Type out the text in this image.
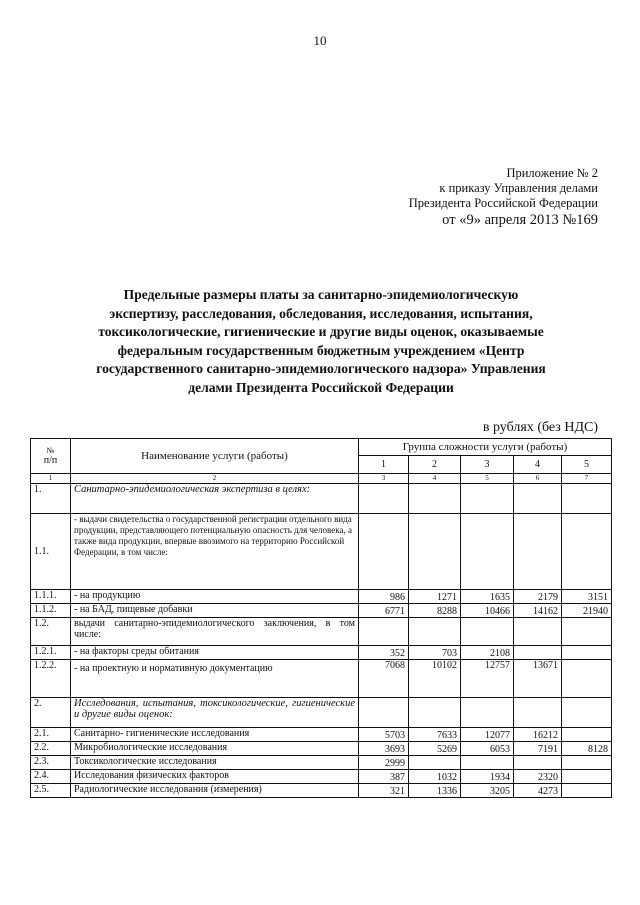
10
Приложение № 2
к приказу Управления делами
Президента Российской Федерации
от «9» апреля 2013 №169
Предельные размеры платы за санитарно-эпидемиологическую экспертизу, расследования, обследования, исследования, испытания, токсикологические, гигиенические и другие виды оценок, оказываемые федеральным государственным бюджетным учреждением «Центр государственного санитарно-эпидемиологического надзора» Управления делами Президента Российской Федерации
в рублях (без НДС)
№
п/п	Наименование услуги (работы)	Группа сложности услуги (работы)				
		1	2	3	4	5
1	2	3	4	5	6	7
1.	Санитарно-эпидемиологическая экспертиза в целях:					
1.1.	- выдачи свидетельства о государственной регистрации отдельного вида продукции, представляющего потенциальную опасность для человека, а также вида продукции, впервые ввозимого на территорию Российской Федерации, в том числе:					
1.1.1.	- на продукцию	986	1271	1635	2179	3151
1.1.2.	- на БАД, пищевые добавки	6771	8288	10466	14162	21940
1.2.	выдачи санитарно-эпидемиологического заключения, в том числе:					
1.2.1.	- на факторы среды обитания	352	703	2108		
1.2.2.	- на проектную и нормативную документацию	7068	10102	12757	13671	
2.	Исследования, испытания, токсикологические, гигиенические и другие виды оценок:					
2.1.	Санитарно- гигиенические исследования	5703	7633	12077	16212	
2.2.	Микробиологические исследования	3693	5269	6053	7191	8128
2.3.	Токсикологические исследования	2999				
2.4.	Исследования физических факторов	387	1032	1934	2320	
2.5.	Радиологические исследования (измерения)	321	1336	3205	4273	
